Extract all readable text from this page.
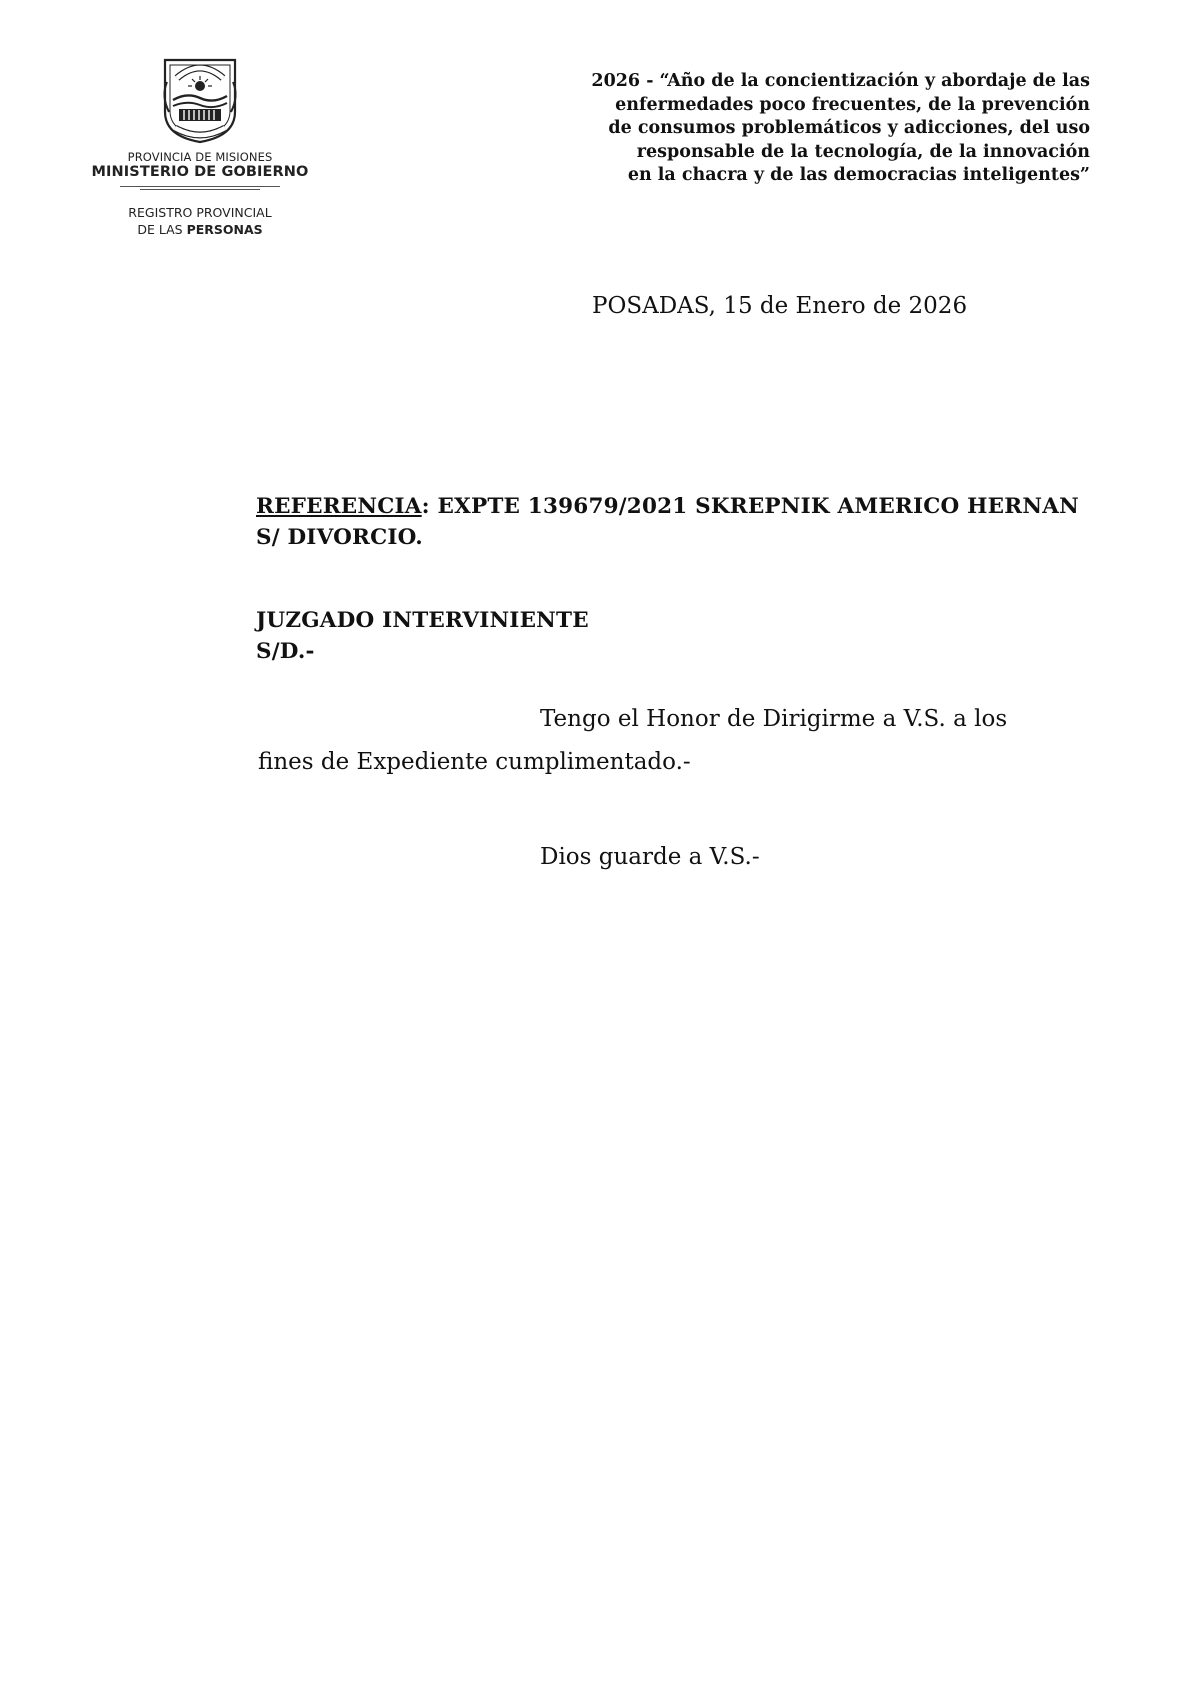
PROVINCIA DE MISIONES
MINISTERIO DE GOBIERNO
REGISTRO PROVINCIAL
DE LAS PERSONAS
2026 - “Año de la concientización y abordaje de las
enfermedades poco frecuentes, de la prevención
de consumos problemáticos y adicciones, del uso
responsable de la tecnología, de la innovación
en la chacra y de las democracias inteligentes”
POSADAS, 15 de Enero de 2026
REFERENCIA: EXPTE 139679/2021 SKREPNIK AMERICO HERNAN
S/ DIVORCIO.
JUZGADO INTERVINIENTE
S/D.-
Tengo el Honor de Dirigirme a V.S. a los
fines de Expediente cumplimentado.-
Dios guarde a V.S.-
